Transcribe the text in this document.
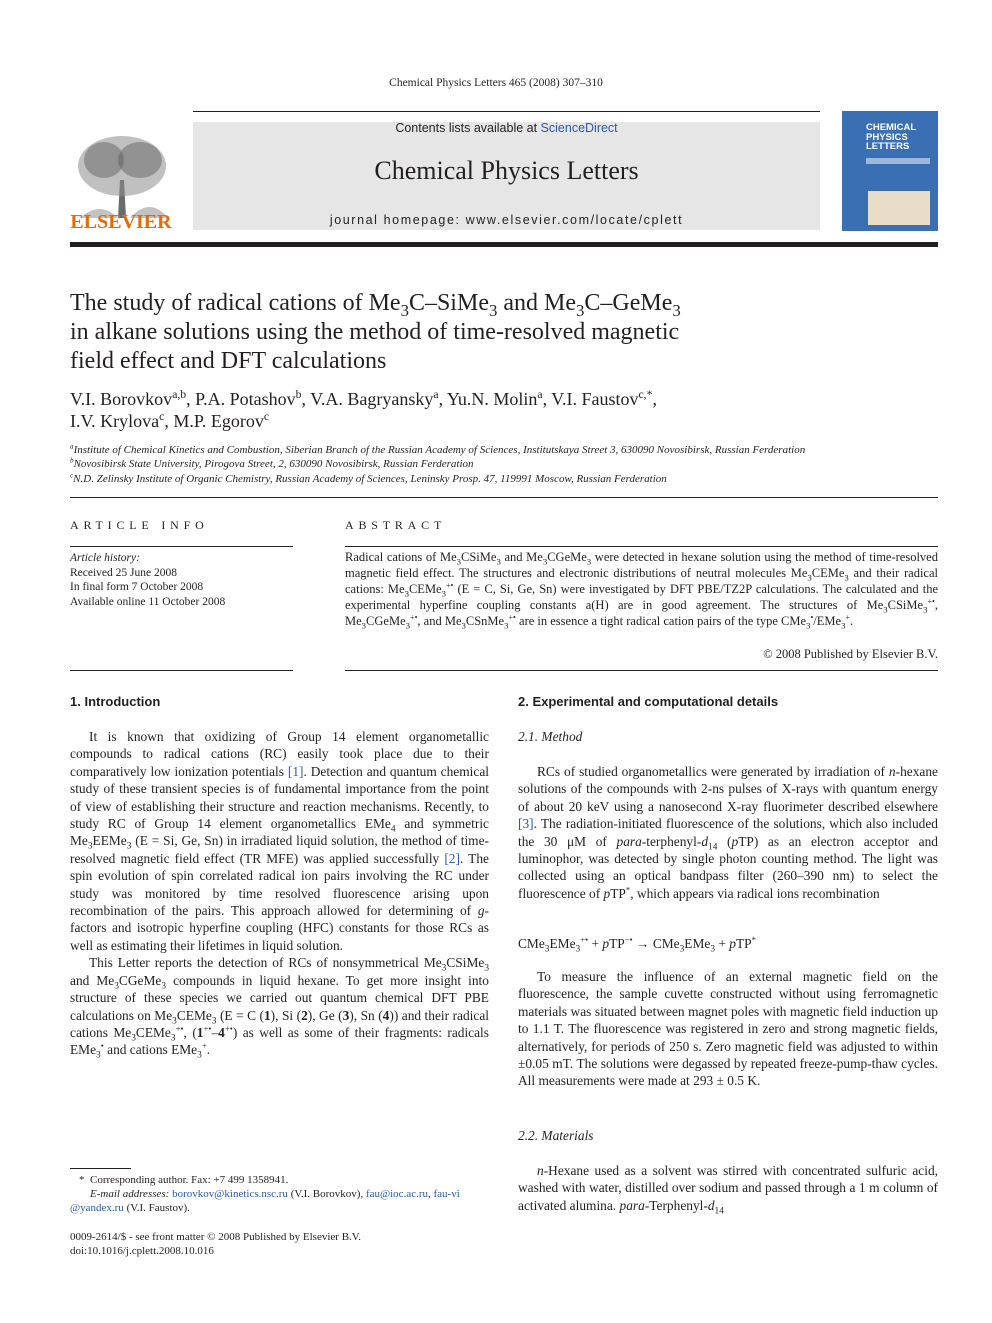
Chemical Physics Letters 465 (2008) 307–310
ELSEVIER
Contents lists available at ScienceDirect
Chemical Physics Letters
journal homepage: www.elsevier.com/locate/cplett
CHEMICAL
PHYSICS
LETTERS
The study of radical cations of $Me_3C-SiMe_3$ and $Me_3C-GeMe_3$
in alkane solutions using the method of time-resolved magnetic
field effect and DFT calculations
V.I. Borovkov$^{a,b}$, P.A. Potashov$^b$, V.A. Bagryansky$^a$, Yu.N. Molin$^a$, V.I. Faustov$^{c,*}$,
I.V. Krylova$^c$, M.P. Egorov$^c$
$^a$Institute of Chemical Kinetics and Combustion, Siberian Branch of the Russian Academy of Sciences, Institutskaya Street 3, 630090 Novosibirsk, Russian Ferderation
$^b$Novosibirsk State University, Pirogova Street, 2, 630090 Novosibirsk, Russian Ferderation
$^c$N.D. Zelinsky Institute of Organic Chemistry, Russian Academy of Sciences, Leninsky Prosp. 47, 119991 Moscow, Russian Ferderation
ARTICLE INFO
Article history:
Received 25 June 2008
In final form 7 October 2008
Available online 11 October 2008
ABSTRACT
Radical cations of $Me_3CSiMe_3$ and $Me_3CGeMe_3$ were detected in hexane solution using the method of time-resolved magnetic field effect. The structures and electronic distributions of neutral molecules $Me_3CEMe_3$ and their radical cations: $Me_3CEMe_3^{+•}$ (E = C, Si, Ge, Sn) were investigated by DFT PBE/TZ2P calculations. The calculated and the experimental hyperfine coupling constants a(H) are in good agreement. The structures of $Me_3CSiMe_3^{+•}$, $Me_3CGeMe_3^{+•}$, and $Me_3CSnMe_3^{+•}$ are in essence a tight radical cation pairs of the type CMe$_3$•/EMe$_3$+.
© 2008 Published by Elsevier B.V.
1. Introduction

It is known that oxidizing of Group 14 element organometallic compounds to radical cations (RC) easily took place due to their comparatively low ionization potentials [1]. Detection and quantum chemical study of these transient species is of fundamental importance from the point of view of establishing their structure and reaction mechanisms. Recently, to study RC of Group 14 element organometallics EMe$_4$ and symmetric $Me_3EEMe_3$ (E = Si, Ge, Sn) in irradiated liquid solution, the method of time-resolved magnetic field effect (TR MFE) was applied successfully [2]. The spin evolution of spin correlated radical ion pairs involving the RC under study was monitored by time resolved fluorescence arising upon recombination of the pairs. This approach allowed for determining of g-factors and isotropic hyperfine coupling (HFC) constants for those RCs as well as estimating their lifetimes in liquid solution.

This Letter reports the detection of RCs of nonsymmetrical $Me_3CSiMe_3$ and $Me_3CGeMe_3$ compounds in liquid hexane. To get more insight into structure of these species we carried out quantum chemical DFT PBE calculations on $Me_3CEMe_3$ (E = C (1), Si (2), Ge (3), Sn (4)) and their radical cations $Me_3CEMe_3^{+•}$, (1+•–4+•) as well as some of their fragments: radicals EMe$_3$• and cations EMe$_3$+.

*  Corresponding author. Fax: +7 499 1358941.
E-mail addresses: borovkov@kinetics.nsc.ru (V.I. Borovkov), fau@ioc.ac.ru, fau-vi
@yandex.ru (V.I. Faustov).
0009-2614/$ - see front matter © 2008 Published by Elsevier B.V.
doi:10.1016/j.cplett.2008.10.016
2. Experimental and computational details
2.1. Method

RCs of studied organometallics were generated by irradiation of n-hexane solutions of the compounds with 2-ns pulses of X-rays with quantum energy of about 20 keV using a nanosecond X-ray fluorimeter described elsewhere [3]. The radiation-initiated fluorescence of the solutions, which also included the 30 μM of para-$terphenyl-d_{14}$ (pTP) as an electron acceptor and luminophor, was detected by single photon counting method. The light was collected using an optical bandpass filter (260–390 nm) to select the fluorescence of pTP*, which appears via radical ions recombination

CMe$_3$EMe$_3$+• + pTP−• → CMe$_3$EMe$_3$ + pTP*

To measure the influence of an external magnetic field on the fluorescence, the sample cuvette constructed without using ferromagnetic materials was situated between magnet poles with magnetic field induction up to 1.1 T. The fluorescence was registered in zero and strong magnetic fields, alternatively, for periods of 250 s. Zero magnetic field was adjusted to within ±0.05 mT. The solutions were degassed by repeated freeze-pump-thaw cycles. All measurements were made at 293 ± 0.5 K.

2.2. Materials

n-Hexane used as a solvent was stirred with concentrated sulfuric acid, washed with water, distilled over sodium and passed through a 1 m column of activated alumina. para-$Terphenyl-d_{14}$
